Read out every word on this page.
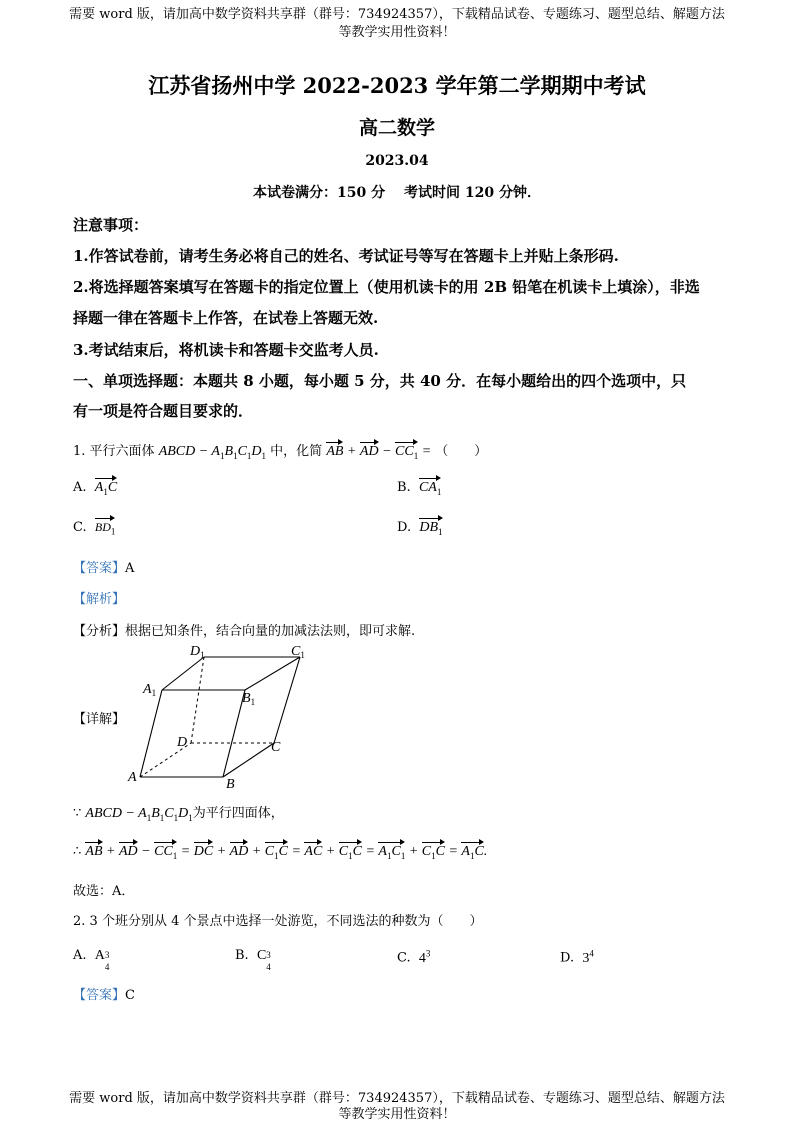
需要 word 版，请加高中数学资料共享群（群号：734924357），下载精品试卷、专题练习、题型总结、解题方法
等教学实用性资料！
江苏省扬州中学 2022-2023 学年第二学期期中考试
高二数学
2023.04
本试卷满分：150 分　 考试时间 120 分钟．
注意事项：
1.作答试卷前，请考生务必将自己的姓名、考试证号等写在答题卡上并贴上条形码.
2.将选择题答案填写在答题卡的指定位置上（使用机读卡的用 2B 铅笔在机读卡上填涂），非选
择题一律在答题卡上作答，在试卷上答题无效.
3.考试结束后，将机读卡和答题卡交监考人员.
一、单项选择题：本题共 8 小题，每小题 5 分，共 40 分．在每小题给出的四个选项中，只
有一项是符合题目要求的．
1. 平行六面体 ABCD − $A_1B_1C_1D_1$ 中，化简 AB + AD − $CC_1$ = （　　）
A. $A_1C$	B. $CA_1$
C. $BD_1$	D. $DB_1$
【答案】A
【解析】
【分析】根据已知条件，结合向量的加减法法则，即可求解.
【详解】
$D_1$	$C_1$
$A_1$	$B_1$
D	C
A	B
∵ ABCD − $A_1B_1C_1D_1$为平行四面体，
∴ AB + AD − $CC_1$ = DC + AD + $C_1C$ = AC + $C_1C = A_1C_1 + C_1C = A_1C$.
故选：A．
2. 3 个班分别从 4 个景点中选择一处游览，不同选法的种数为（　　）
A. A 3
4
B. C 3
4
C. $4^3$	D. $3^4$
【答案】C
需要 word 版，请加高中数学资料共享群（群号：734924357），下载精品试卷、专题练习、题型总结、解题方法
等教学实用性资料！
